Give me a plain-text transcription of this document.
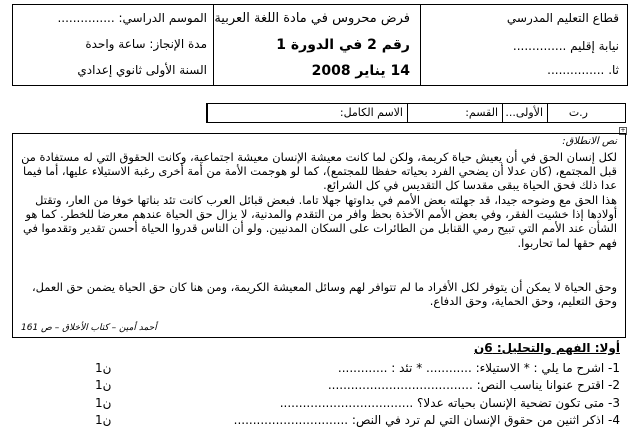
قطاع التعليم المدرسي
نيابة إقليم ..............
ثا. ...............
فرض محروس في مادة اللغة العربية
رقم 2 في الدورة 1
14 يناير 2008
الموسم الدراسي: ...............
مدة الإنجاز: ساعة واحدة
السنة الأولى ثانوي إعدادي
الاسم الكامل:	القسم: الأولى...	ر.ت
+
نص الانطلاق:
لكل إنسان الحق في أن يعيش حياة كريمة، ولكن لما كانت معيشة الإنسان معيشة اجتماعية، وكانت الحقوق التي له مستفادة من قبل المجتمع، (كان عدلا أن يضحي الفرد بحياته حفظا للمجتمع)، كما لو هوجمت الأمة من أمة أخرى رغبة الاستيلاء عليها، أما فيما عدا ذلك فحق الحياة يبقى مقدسا كل التقديس في كل الشرائع.
هذا الحق مع وضوحه جيدا، قد جهلته بعض الأمم في بداوتها جهلا تاما. فبعض قبائل العرب كانت تئد بناتها خوفا من العار، وتقتل أولادها إذا خشيت الفقر، وفي بعض الأمم الآخذة بحظ وافر من التقدم والمدنية، لا يزال حق الحياة عندهم معرضا للخطر. كما هو الشأن عند الأمم التي تبيح رمي القنابل من الطائرات على السكان المدنيين. ولو أن الناس قدروا الحياة أحسن تقدير وتقدموا في فهم حقها لما تحاربوا.
وحق الحياة لا يمكن أن يتوفر لكل الأفراد ما لم تتوافر لهم وسائل المعيشة الكريمة، ومن هنا كان حق الحياة يضمن حق العمل، وحق التعليم، وحق الحماية، وحق الدفاع.
أحمد أمين – كتاب الأخلاق – ص 161
أولا: الفهم والتحليل: 6ن
1- اشرح ما يلي : * الاستيلاء: ............ * تئد : .............
1ن
2- اقترح عنوانا يناسب النص: ......................................
1ن
3- متى تكون تضحية الإنسان بحياته عدلا؟ ...................................
1ن
4- اذكر اثنين من حقوق الإنسان التي لم ترد في النص: ..............................
1ن
